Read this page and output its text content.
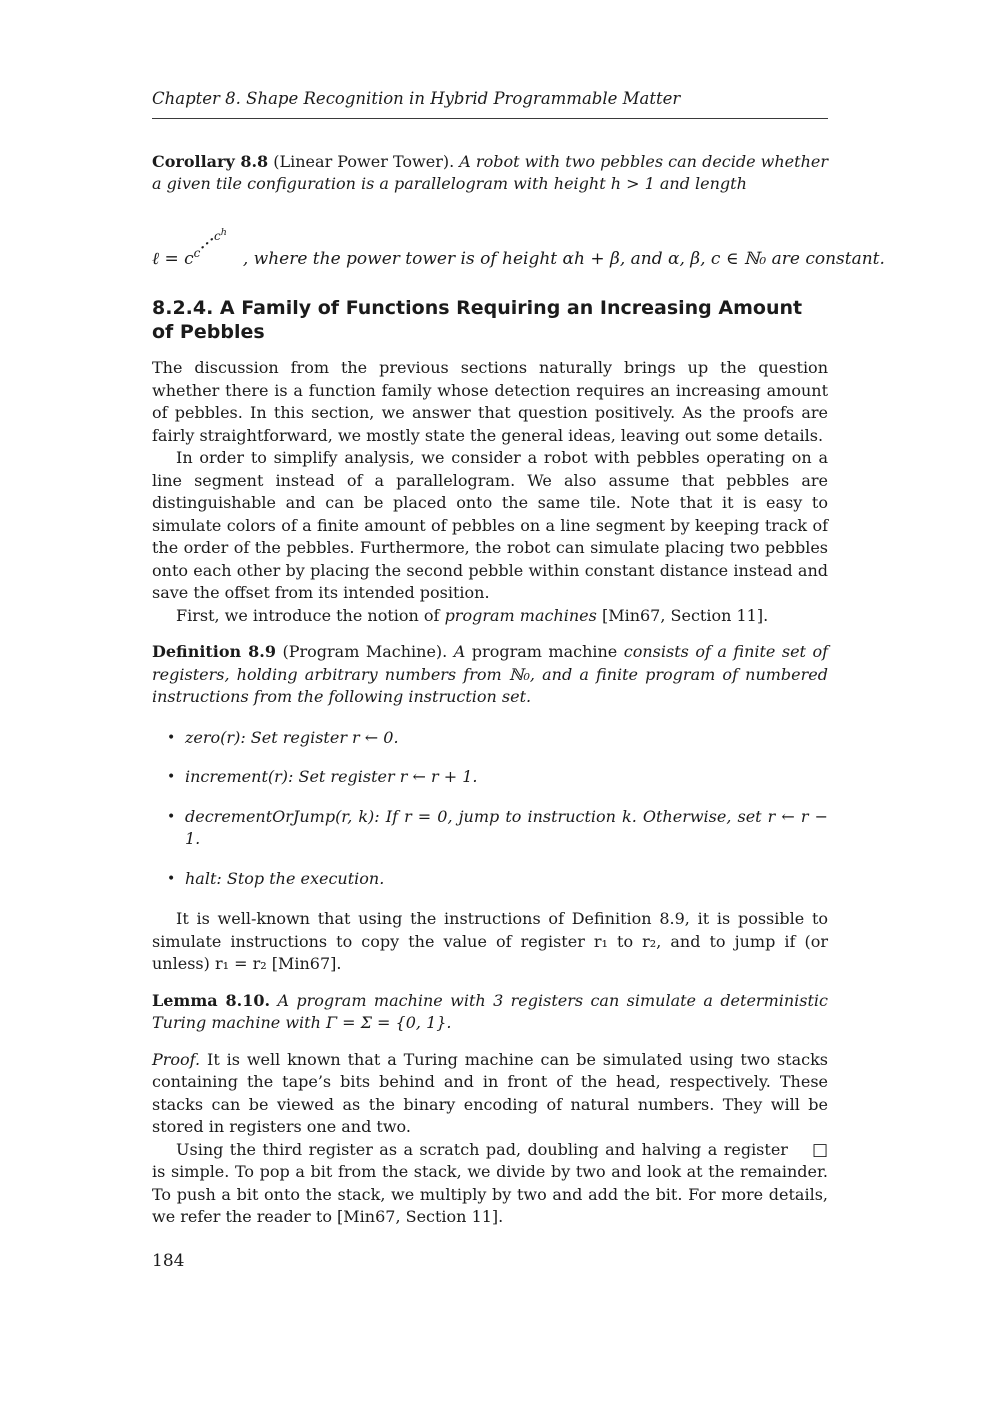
Chapter 8. Shape Recognition in Hybrid Programmable Matter
Corollary 8.8 (Linear Power Tower). A robot with two pebbles can decide whether a given tile configuration is a parallelogram with height h > 1 and length
ℓ = $c^{c\cdot\cdot\cdot c^h}$, where the power tower is of height αh + β, and α, β, c ∈ ℕ₀ are constant.
8.2.4. A Family of Functions Requiring an Increasing Amount of Pebbles

The discussion from the previous sections naturally brings up the question whether there is a function family whose detection requires an increasing amount of pebbles. In this section, we answer that question positively. As the proofs are fairly straightforward, we mostly state the general ideas, leaving out some details.

In order to simplify analysis, we consider a robot with pebbles operating on a line segment instead of a parallelogram. We also assume that pebbles are distinguishable and can be placed onto the same tile. Note that it is easy to simulate colors of a finite amount of pebbles on a line segment by keeping track of the order of the pebbles. Furthermore, the robot can simulate placing two pebbles onto each other by placing the second pebble within constant distance instead and save the offset from its intended position.

First, we introduce the notion of program machines [Min67, Section 11].

Definition 8.9 (Program Machine). A program machine consists of a finite set of registers, holding arbitrary numbers from ℕ₀, and a finite program of numbered instructions from the following instruction set.
• zero(r): Set register r ← 0.
• increment(r): Set register r ← r + 1.
• decrementOrJump(r, k): If r = 0, jump to instruction k. Otherwise, set r ← r − 1.
• halt: Stop the execution.

It is well-known that using the instructions of Definition 8.9, it is possible to simulate instructions to copy the value of register r₁ to r₂, and to jump if (or unless) r₁ = r₂ [Min67].

Lemma 8.10. A program machine with 3 registers can simulate a deterministic Turing machine with Γ = Σ = {0, 1}.

Proof. It is well known that a Turing machine can be simulated using two stacks containing the tape’s bits behind and in front of the head, respectively. These stacks can be viewed as the binary encoding of natural numbers. They will be stored in registers one and two.

□
Using the third register as a scratch pad, doubling and halving a register is simple. To pop a bit from the stack, we divide by two and look at the remainder. To push a bit onto the stack, we multiply by two and add the bit. For more details, we refer the reader to [Min67, Section 11].

184
